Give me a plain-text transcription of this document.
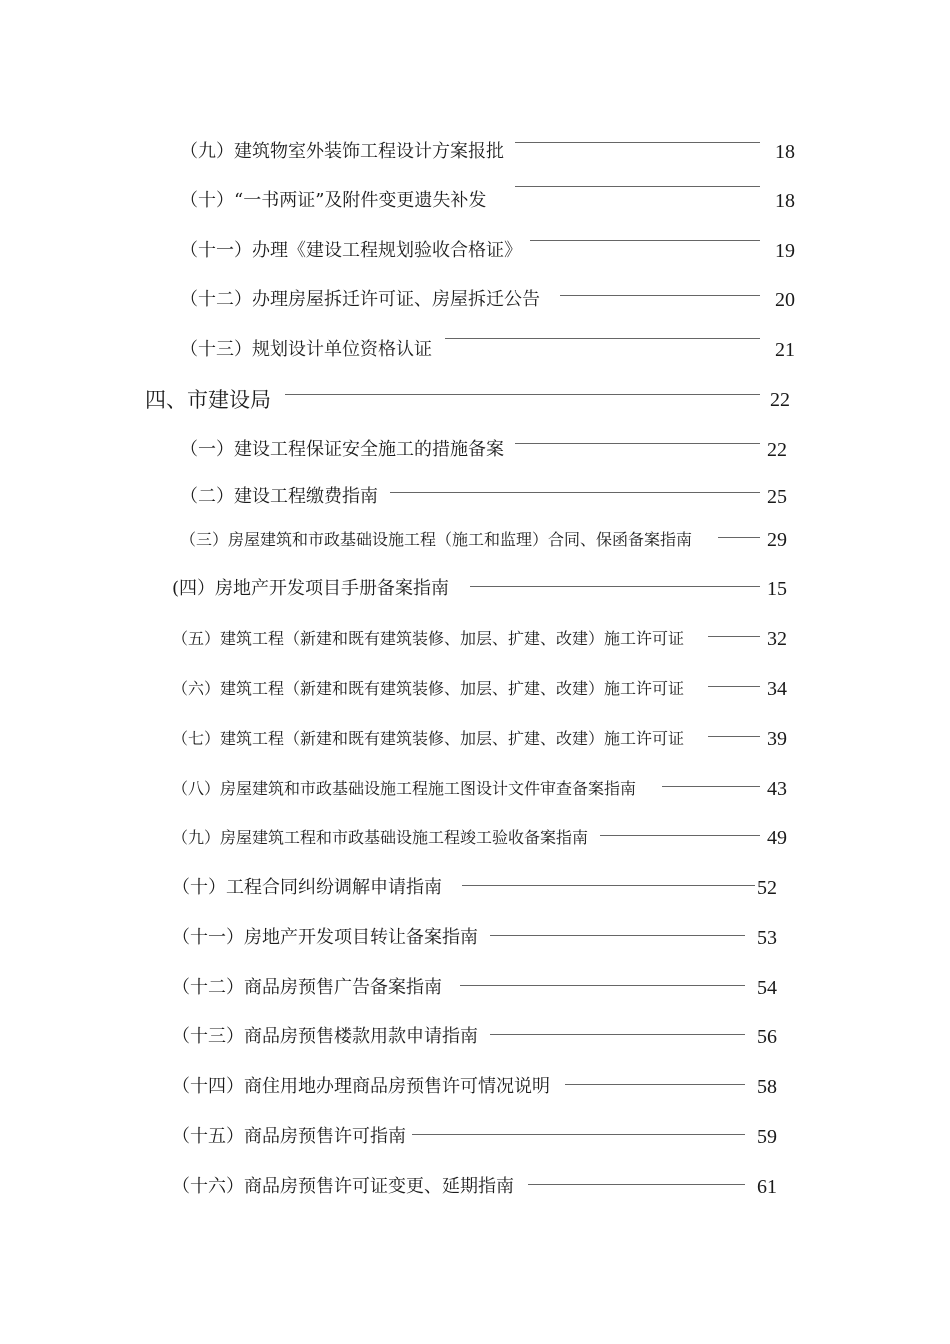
（九）建筑物室外装饰工程设计方案报批	18
（十）“一书两证”及附件变更遗失补发	18
（十一）办理《建设工程规划验收合格证》	19
（十二）办理房屋拆迁许可证、房屋拆迁公告	20
（十三）规划设计单位资格认证	21
四、市建设局	22
（一）建设工程保证安全施工的措施备案	22
（二）建设工程缴费指南	25
（三）房屋建筑和市政基础设施工程（施工和监理）合同、保函备案指南	29
(四）房地产开发项目手册备案指南	15
（五）建筑工程（新建和既有建筑装修、加层、扩建、改建）施工许可证	32
（六）建筑工程（新建和既有建筑装修、加层、扩建、改建）施工许可证	34
（七）建筑工程（新建和既有建筑装修、加层、扩建、改建）施工许可证	39
（八）房屋建筑和市政基础设施工程施工图设计文件审查备案指南	43
（九）房屋建筑工程和市政基础设施工程竣工验收备案指南	49
（十）工程合同纠纷调解申请指南	52
（十一）房地产开发项目转让备案指南	53
（十二）商品房预售广告备案指南	54
（十三）商品房预售楼款用款申请指南	56
（十四）商住用地办理商品房预售许可情况说明	58
（十五）商品房预售许可指南	59
（十六）商品房预售许可证变更、延期指南	61
